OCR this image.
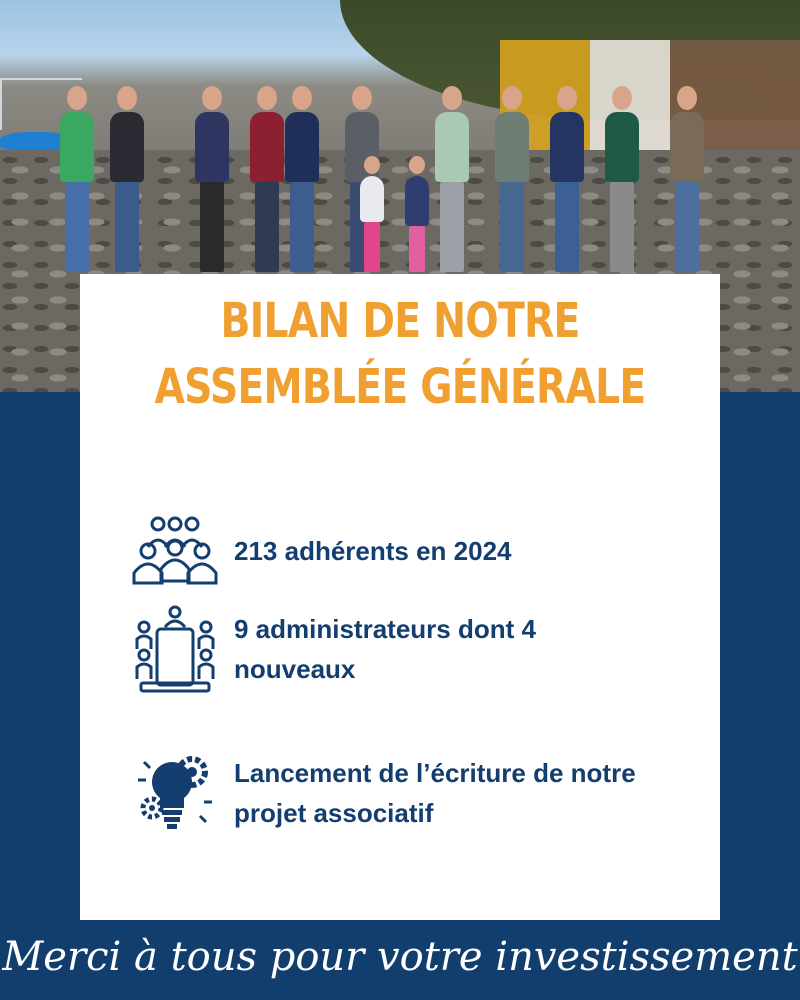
BILAN DE NOTRE
ASSEMBLÉE GÉNÉRALE
213 adhérents en 2024
9 administrateurs dont 4 nouveaux
Lancement de l’écriture de notre projet associatif
Merci à tous pour votre investissement
